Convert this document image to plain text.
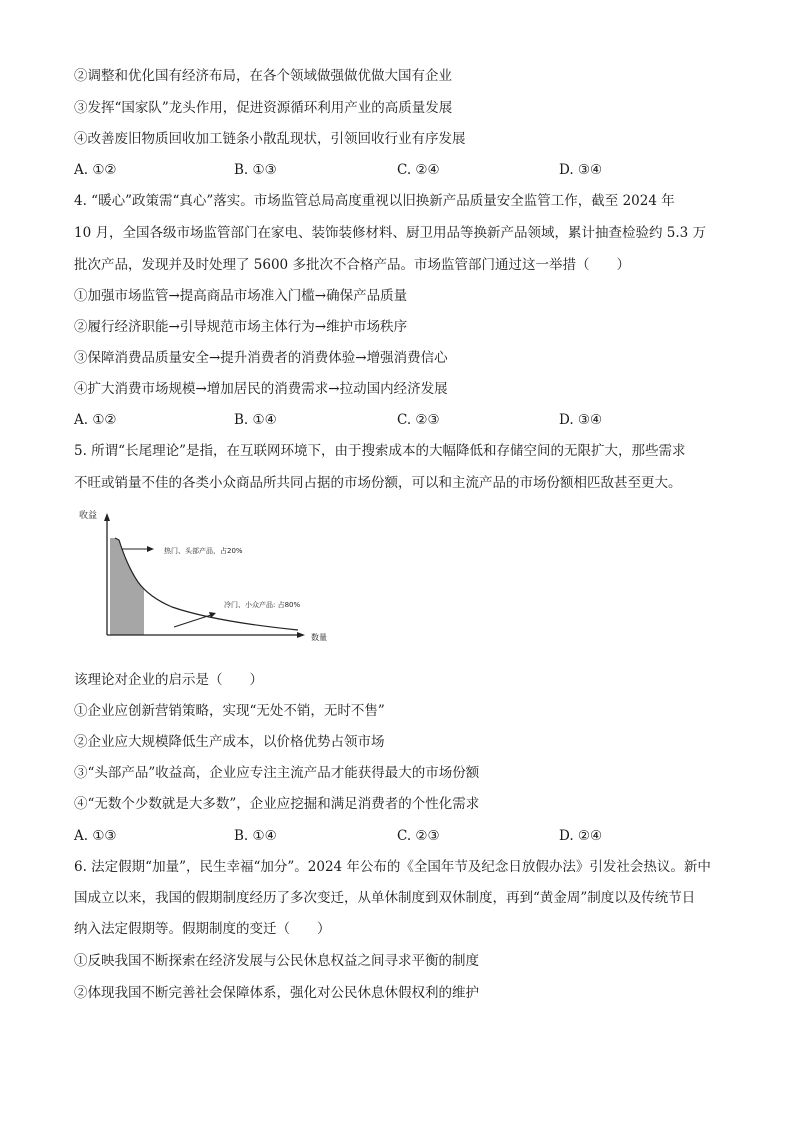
②调整和优化国有经济布局，在各个领域做强做优做大国有企业
③发挥“国家队”龙头作用，促进资源循环利用产业的高质量发展
④改善废旧物质回收加工链条小散乱现状，引领回收行业有序发展
A. ①②	B. ①③	C. ②④	D. ③④
4. “暖心”政策需“真心”落实。市场监管总局高度重视以旧换新产品质量安全监管工作，截至 2024 年
10 月，全国各级市场监管部门在家电、装饰装修材料、厨卫用品等换新产品领域，累计抽查检验约 5.3 万
批次产品，发现并及时处理了 5600 多批次不合格产品。市场监管部门通过这一举措（　　）
①加强市场监管→提高商品市场准入门槛→确保产品质量
②履行经济职能→引导规范市场主体行为→维护市场秩序
③保障消费品质量安全→提升消费者的消费体验→增强消费信心
④扩大消费市场规模→增加居民的消费需求→拉动国内经济发展
A. ①②	B. ①④	C. ②③	D. ③④
5. 所谓“长尾理论”是指，在互联网环境下，由于搜索成本的大幅降低和存储空间的无限扩大，那些需求
不旺或销量不佳的各类小众商品所共同占据的市场份额，可以和主流产品的市场份额相匹敌甚至更大。
收益
数量
热门、头部产品，占20%
冷门、小众产品: 占80%
该理论对企业的启示是（　　）
①企业应创新营销策略，实现“无处不销，无时不售”
②企业应大规模降低生产成本，以价格优势占领市场
③“头部产品”收益高，企业应专注主流产品才能获得最大的市场份额
④“无数个少数就是大多数”，企业应挖掘和满足消费者的个性化需求
A. ①③	B. ①④	C. ②③	D. ②④
6. 法定假期“加量”，民生幸福“加分”。2024 年公布的《全国年节及纪念日放假办法》引发社会热议。新中
国成立以来，我国的假期制度经历了多次变迁，从单休制度到双休制度，再到“黄金周”制度以及传统节日
纳入法定假期等。假期制度的变迁（　　）
①反映我国不断探索在经济发展与公民休息权益之间寻求平衡的制度
②体现我国不断完善社会保障体系，强化对公民休息休假权利的维护
